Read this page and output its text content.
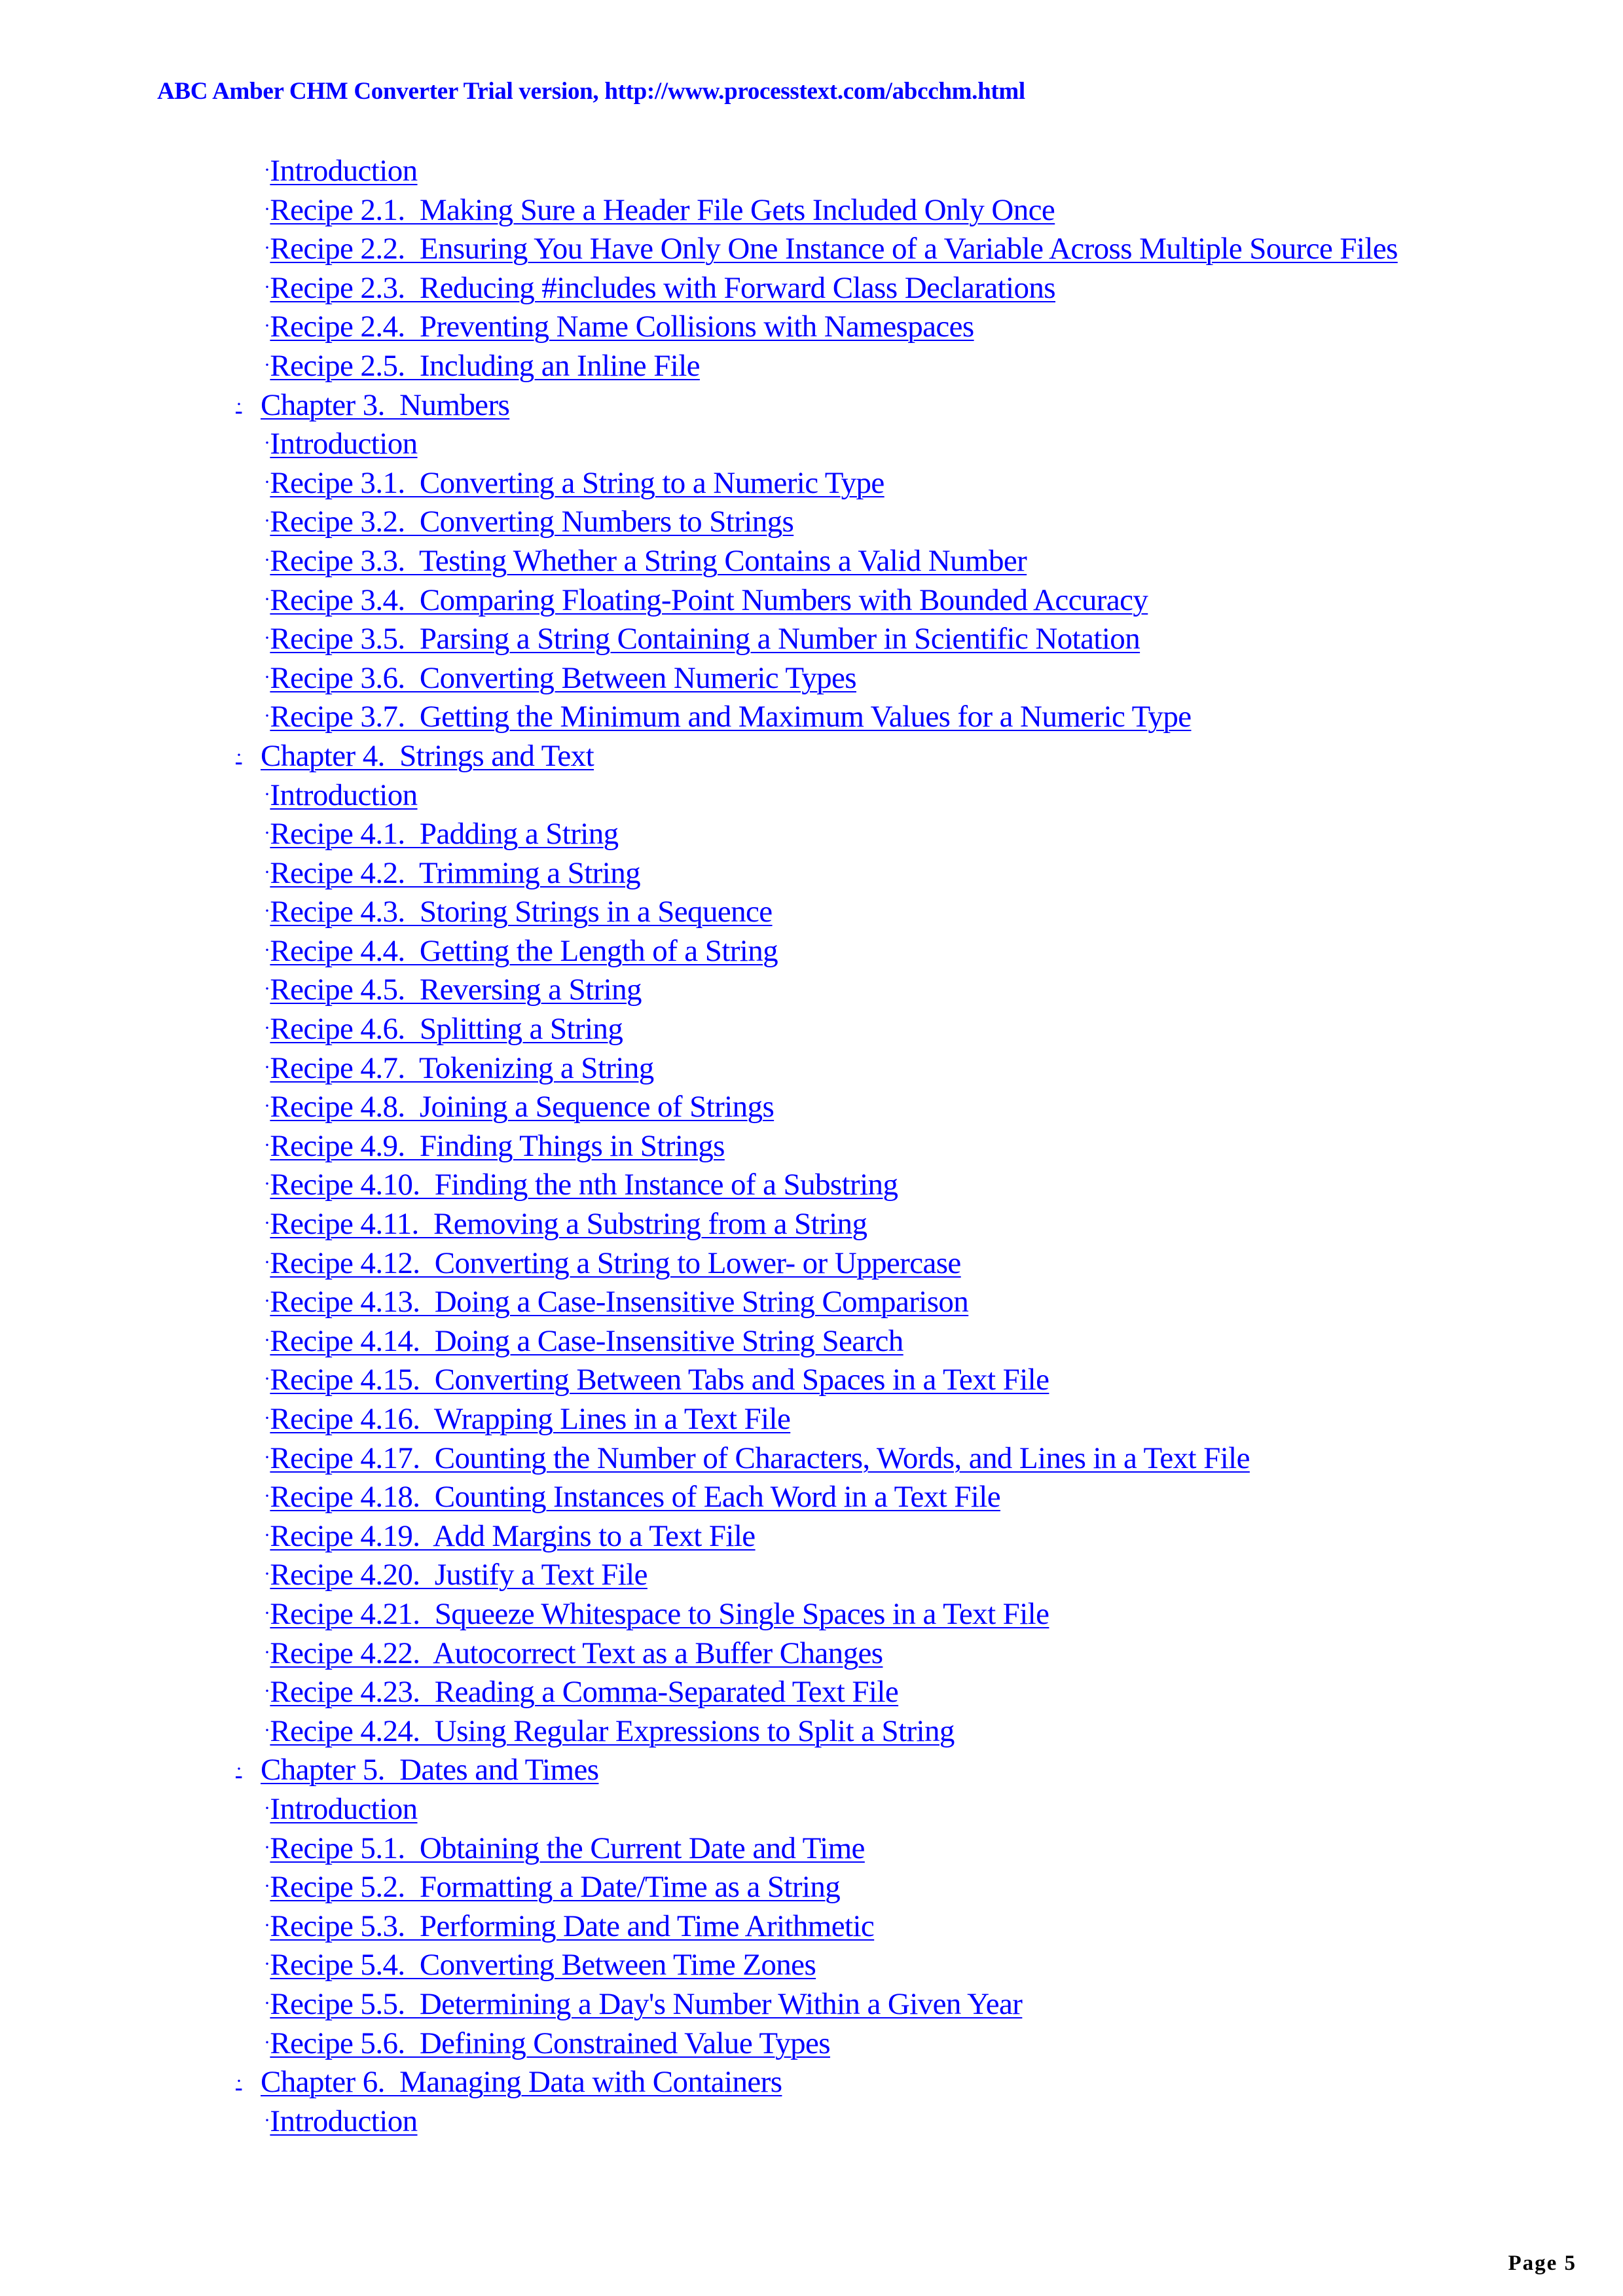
ABC Amber CHM Converter Trial version, http://www.processtext.com/abcchm.html
·Introduction
·Recipe 2.1.  Making Sure a Header File Gets Included Only Once
·Recipe 2.2.  Ensuring You Have Only One Instance of a Variable Across Multiple Source Files
·Recipe 2.3.  Reducing #includes with Forward Class Declarations
·Recipe 2.4.  Preventing Name Collisions with Namespaces
·Recipe 2.5.  Including an Inline File
· Chapter 3.  Numbers
·Introduction
·Recipe 3.1.  Converting a String to a Numeric Type
·Recipe 3.2.  Converting Numbers to Strings
·Recipe 3.3.  Testing Whether a String Contains a Valid Number
·Recipe 3.4.  Comparing Floating-Point Numbers with Bounded Accuracy
·Recipe 3.5.  Parsing a String Containing a Number in Scientific Notation
·Recipe 3.6.  Converting Between Numeric Types
·Recipe 3.7.  Getting the Minimum and Maximum Values for a Numeric Type
· Chapter 4.  Strings and Text
·Introduction
·Recipe 4.1.  Padding a String
·Recipe 4.2.  Trimming a String
·Recipe 4.3.  Storing Strings in a Sequence
·Recipe 4.4.  Getting the Length of a String
·Recipe 4.5.  Reversing a String
·Recipe 4.6.  Splitting a String
·Recipe 4.7.  Tokenizing a String
·Recipe 4.8.  Joining a Sequence of Strings
·Recipe 4.9.  Finding Things in Strings
·Recipe 4.10.  Finding the nth Instance of a Substring
·Recipe 4.11.  Removing a Substring from a String
·Recipe 4.12.  Converting a String to Lower- or Uppercase
·Recipe 4.13.  Doing a Case-Insensitive String Comparison
·Recipe 4.14.  Doing a Case-Insensitive String Search
·Recipe 4.15.  Converting Between Tabs and Spaces in a Text File
·Recipe 4.16.  Wrapping Lines in a Text File
·Recipe 4.17.  Counting the Number of Characters, Words, and Lines in a Text File
·Recipe 4.18.  Counting Instances of Each Word in a Text File
·Recipe 4.19.  Add Margins to a Text File
·Recipe 4.20.  Justify a Text File
·Recipe 4.21.  Squeeze Whitespace to Single Spaces in a Text File
·Recipe 4.22.  Autocorrect Text as a Buffer Changes
·Recipe 4.23.  Reading a Comma-Separated Text File
·Recipe 4.24.  Using Regular Expressions to Split a String
· Chapter 5.  Dates and Times
·Introduction
·Recipe 5.1.  Obtaining the Current Date and Time
·Recipe 5.2.  Formatting a Date/Time as a String
·Recipe 5.3.  Performing Date and Time Arithmetic
·Recipe 5.4.  Converting Between Time Zones
·Recipe 5.5.  Determining a Day's Number Within a Given Year
·Recipe 5.6.  Defining Constrained Value Types
· Chapter 6.  Managing Data with Containers
·Introduction
Page 5
